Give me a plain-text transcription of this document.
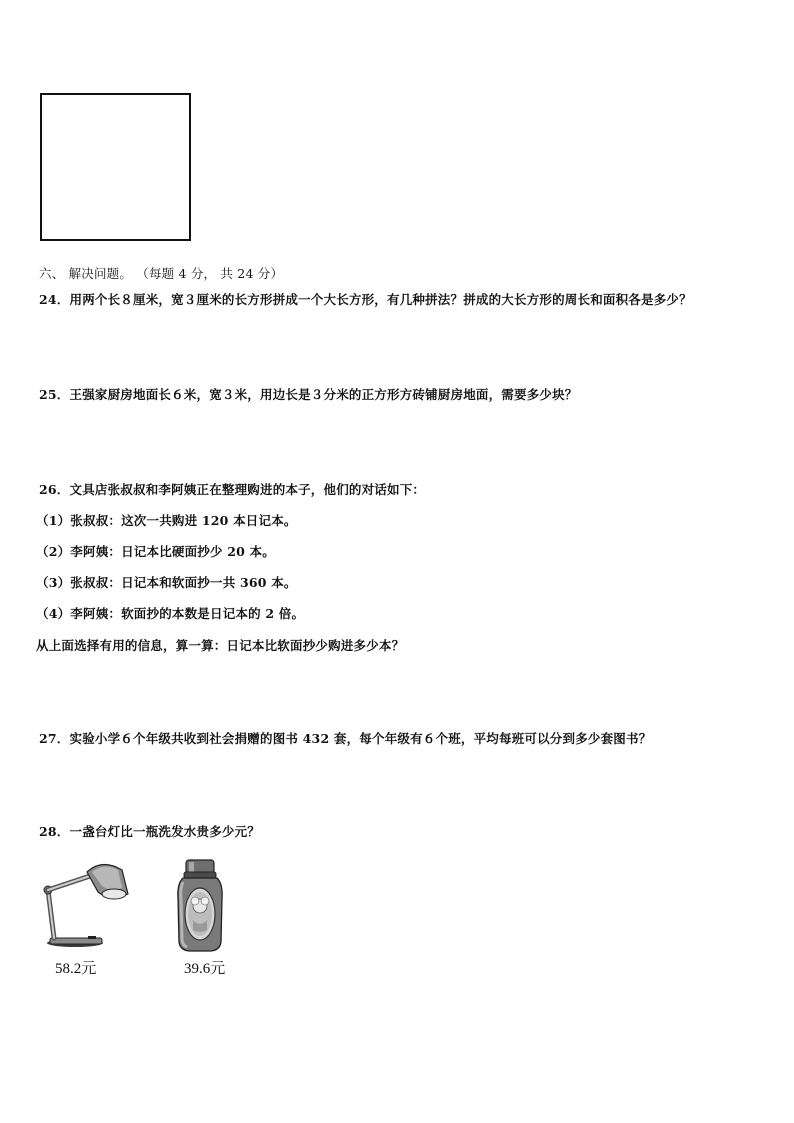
六、 解决问题。 （每题 4 分， 共 24 分）
24．用两个长８厘米，宽３厘米的长方形拼成一个大长方形，有几种拼法？拼成的大长方形的周长和面积各是多少？
25．王强家厨房地面长６米，宽３米，用边长是３分米的正方形方砖铺厨房地面，需要多少块？
26．文具店张叔叔和李阿姨正在整理购进的本子，他们的对话如下：
（1）张叔叔：这次一共购进 120 本日记本。
（2）李阿姨：日记本比硬面抄少 20 本。
（3）张叔叔：日记本和软面抄一共 360 本。
（4）李阿姨：软面抄的本数是日记本的 2 倍。
从上面选择有用的信息，算一算：日记本比软面抄少购进多少本？
27．实验小学６个年级共收到社会捐赠的图书 432 套，每个年级有６个班，平均每班可以分到多少套图书？
28．一盏台灯比一瓶洗发水贵多少元？
58.2元	39.6元
